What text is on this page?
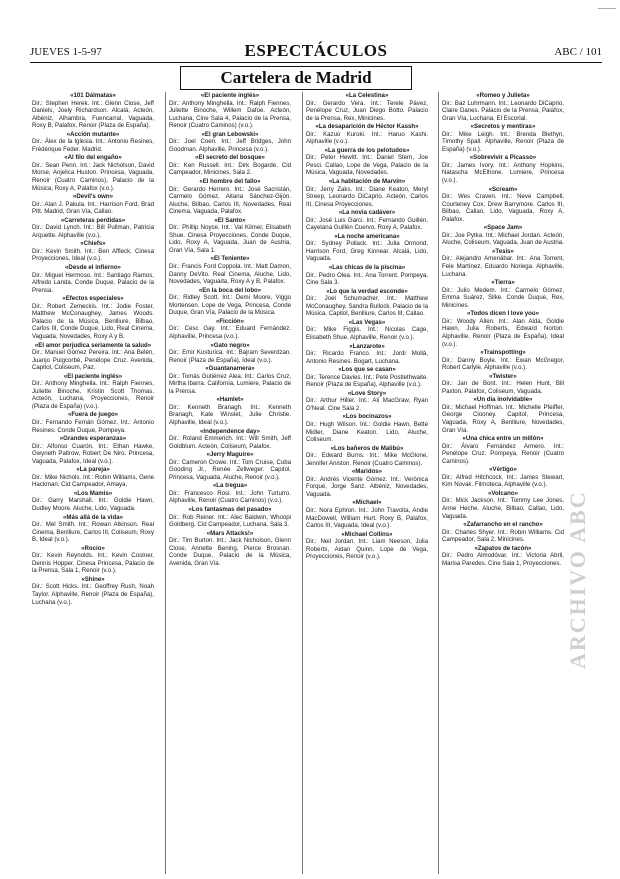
JUEVES 1-5-97	ESPECTÁCULOS	ABC / 101
Cartelera de Madrid
«101 Dálmatas»
Dir.: Stephen Herek. Int.: Glenn Close, Jeff Daniels, Joely Richardson. Alcalá, Acteón, Albéniz, Alhambra, Fuencarral, Vaguada, Roxy B, Palafox, Renoir (Plaza de España).
«Acción mutante»
Dir.: Álex de la Iglesia. Int.: Antonio Resines, Frédérique Feder. Madrid.
«Al filo del engaño»
Dir.: Sean Penn. Int.: Jack Nicholson, David Morse, Anjelica Huston. Princesa, Vaguada, Renoir (Cuatro Caminos), Palacio de la Música, Roxy A, Palafox (v.o.).
«Devil's own»
Dir.: Alan J. Pakula. Int.: Harrison Ford, Brad Pitt. Madrid, Gran Vía, Callao.
«Carreteras perdidas»
Dir.: David Lynch. Int.: Bill Pullman, Patricia Arquette. Alphaville (v.o.).
«Chiefs»
Dir.: Kevin Smith. Int.: Ben Affleck. Cinesa Proyecciones, Ideal (v.o.).
«Desde el infierno»
Dir.: Miguel Hermoso. Int.: Santiago Ramos, Alfredo Landa. Conde Duque, Palacio de la Prensa.
«Efectos especiales»
Dir.: Robert Zemeckis. Int.: Jodie Foster, Matthew McConaughey, James Woods. Palacio de la Música, Benlliure, Bilbao, Carlos III, Conde Duque, Lido, Real Cinema, Vaguada, Novedades, Roxy A y B.
«El amor perjudica seriamente la salud»
Dir.: Manuel Gómez Pereira. Int.: Ana Belén, Juanjo Puigcorbé, Penélope Cruz. Avenida, Capitol, Coliseum, Paz.
«El paciente inglés»
Dir.: Anthony Minghella. Int.: Ralph Fiennes, Juliette Binoche, Kristin Scott Thomas. Acteón, Luchana, Proyecciones, Renoir (Plaza de España) (v.o.).
«Fuera de juego»
Dir.: Fernando Fernán Gómez. Int.: Antonio Resines. Conde Duque, Pompeya.
«Grandes esperanzas»
Dir.: Alfonso Cuarón. Int.: Ethan Hawke, Gwyneth Paltrow, Robert De Niro. Princesa, Vaguada, Palafox, Ideal (v.o.).
«La pareja»
Dir.: Mike Nichols. Int.: Robin Williams, Gene Hackman. Cid Campeador, Amaya.
«Los Mamis»
Dir.: Garry Marshall. Int.: Goldie Hawn, Dudley Moore. Aluche, Lido, Vaguada.
«Más allá de la vida»
Dir.: Mel Smith. Int.: Rowan Atkinson. Real Cinema, Benlliure, Carlos III, Coliseum, Roxy B, Ideal (v.o.).
«Rocío»
Dir.: Kevin Reynolds. Int.: Kevin Costner, Dennis Hopper. Cinesa Princesa, Palacio de la Prensa, Sala 1, Renoir (v.o.).
«Shine»
Dir.: Scott Hicks. Int.: Geoffrey Rush, Noah Taylor. Alphaville, Renoir (Plaza de España), Luchana (v.o.).
«El paciente inglés»
Dir.: Anthony Minghella. Int.: Ralph Fiennes, Juliette Binoche, Willem Dafoe. Acteón, Luchana, Cine Sala 4, Palacio de la Prensa, Renoir (Cuatro Caminos) (v.o.).
«El gran Lebowski»
Dir.: Joel Coen. Int.: Jeff Bridges, John Goodman. Alphaville, Princesa (v.o.).
«El secreto del bosque»
Dir.: Ken Russell. Int.: Dirk Bogarde. Cid Campeador, Minicines, Sala 2.
«El hombre del fallo»
Dir.: Gerardo Herrero. Int.: José Sacristán, Carmelo Gómez, Aitana Sánchez-Gijón. Aluche, Bilbao, Carlos III, Novedades, Real Cinema, Vaguada, Palafox.
«El Santo»
Dir.: Phillip Noyce. Int.: Val Kilmer, Elisabeth Shue. Cinesa Proyecciones, Conde Duque, Lido, Roxy A, Vaguada, Juan de Austria, Gran Vía, Sala 1.
«El Teniente»
Dir.: Francis Ford Coppola. Int.: Matt Damon, Danny DeVito. Real Cinema, Aluche, Lido, Novedades, Vaguada, Roxy A y B, Palafox.
«En la boca del lobo»
Dir.: Ridley Scott. Int.: Demi Moore, Viggo Mortensen. Lope de Vega, Princesa, Conde Duque, Gran Vía, Palacio de la Música.
«Ficción»
Dir.: Cesc Gay. Int.: Eduard Fernández. Alphaville, Princesa (v.o.).
«Gato negro»
Dir.: Emir Kusturica. Int.: Bajram Severdzan. Renoir (Plaza de España), Ideal (v.o.).
«Guantanamera»
Dir.: Tomás Gutiérrez Alea. Int.: Carlos Cruz, Mirtha Ibarra. California, Lumiere, Palacio de la Prensa.
«Hamlet»
Dir.: Kenneth Branagh. Int.: Kenneth Branagh, Kate Winslet, Julie Christie. Alphaville, Ideal (v.o.).
«Independence day»
Dir.: Roland Emmerich. Int.: Will Smith, Jeff Goldblum. Acteón, Coliseum, Palafox.
«Jerry Maguire»
Dir.: Cameron Crowe. Int.: Tom Cruise, Cuba Gooding Jr., Renée Zellweger. Capitol, Princesa, Vaguada, Aluche, Renoir (v.o.).
«La tregua»
Dir.: Francesco Rosi. Int.: John Turturro. Alphaville, Renoir (Cuatro Caminos) (v.o.).
«Los fantasmas del pasado»
Dir.: Rob Reiner. Int.: Alec Baldwin, Whoopi Goldberg. Cid Campeador, Luchana, Sala 3.
«Mars Attacks!»
Dir.: Tim Burton. Int.: Jack Nicholson, Glenn Close, Annette Bening, Pierce Brosnan. Conde Duque, Palacio de la Música, Avenida, Gran Vía.
«La Celestina»
Dir.: Gerardo Vera. Int.: Terele Pávez, Penélope Cruz, Juan Diego Botto. Palacio de la Prensa, Rex, Minicines.
«La desaparición de Héctor Kassh»
Dir.: Kazuo Kuroki. Int.: Haruo Kashi. Alphaville (v.o.).
«La guerra de los pelotudos»
Dir.: Peter Hewitt. Int.: Daniel Stern, Joe Pesci. Callao, Lope de Vega, Palacio de la Música, Vaguada, Novedades.
«La habitación de Marvin»
Dir.: Jerry Zaks. Int.: Diane Keaton, Meryl Streep, Leonardo DiCaprio. Acteón, Carlos III, Cinesa Proyecciones.
«La novia cadáver»
Dir.: José Luis Garci. Int.: Fernando Guillén, Cayetana Guillén Cuervo. Roxy A, Palafox.
«La noche americana»
Dir.: Sydney Pollack. Int.: Julia Ormond, Harrison Ford, Greg Kinnear. Alcalá, Lido, Vaguada.
«Las chicas de la piscina»
Dir.: Pedro Olea. Int.: Ana Torrent. Pompeya, Cine Sala 3.
«Lo que la verdad esconde»
Dir.: Joel Schumacher. Int.: Matthew McConaughey, Sandra Bullock. Palacio de la Música, Capitol, Benlliure, Carlos III, Callao.
«Las Vegas»
Dir.: Mike Figgis. Int.: Nicolas Cage, Elisabeth Shue. Alphaville, Renoir (v.o.).
«Lanzarote»
Dir.: Ricardo Franco. Int.: Jordi Mollà, Antonio Resines. Bogart, Luchana.
«Los que se casan»
Dir.: Terence Davies. Int.: Pete Postlethwaite. Renoir (Plaza de España), Alphaville (v.o.).
«Love Story»
Dir.: Arthur Hiller. Int.: Ali MacGraw, Ryan O'Neal. Cine Sala 2.
«Los bocinazos»
Dir.: Hugh Wilson. Int.: Goldie Hawn, Bette Midler, Diane Keaton. Lido, Aluche, Coliseum.
«Los bañeros de Malibú»
Dir.: Edward Burns. Int.: Mike McGlone, Jennifer Aniston. Renoir (Cuatro Caminos).
«Maridos»
Dir.: Andrés Vicente Gómez. Int.: Verónica Forqué, Jorge Sanz. Albéniz, Novedades, Vaguada.
«Michael»
Dir.: Nora Ephron. Int.: John Travolta, Andie MacDowell, William Hurt. Roxy B, Palafox, Carlos III, Vaguada, Ideal (v.o.).
«Michael Collins»
Dir.: Neil Jordan. Int.: Liam Neeson, Julia Roberts, Aidan Quinn. Lope de Vega, Proyecciones, Renoir (v.o.).
«Romeo y Julieta»
Dir.: Baz Luhrmann. Int.: Leonardo DiCaprio, Claire Danes. Palacio de la Prensa, Palafox, Gran Vía, Luchana, El Escorial.
«Secretos y mentiras»
Dir.: Mike Leigh. Int.: Brenda Blethyn, Timothy Spall. Alphaville, Renoir (Plaza de España) (v.o.).
«Sobrevivir a Picasso»
Dir.: James Ivory. Int.: Anthony Hopkins, Natascha McElhone. Lumiere, Princesa (v.o.).
«Scream»
Dir.: Wes Craven. Int.: Neve Campbell, Courteney Cox, Drew Barrymore. Carlos III, Bilbao, Callao, Lido, Vaguada, Roxy A, Palafox.
«Space Jam»
Dir.: Joe Pytka. Int.: Michael Jordan. Acteón, Aluche, Coliseum, Vaguada, Juan de Austria.
«Tesis»
Dir.: Alejandro Amenábar. Int.: Ana Torrent, Fele Martínez, Eduardo Noriega. Alphaville, Luchana.
«Tierra»
Dir.: Julio Medem. Int.: Carmelo Gómez, Emma Suárez, Silke. Conde Duque, Rex, Minicines.
«Todos dicen I love you»
Dir.: Woody Allen. Int.: Alan Alda, Goldie Hawn, Julia Roberts, Edward Norton. Alphaville, Renoir (Plaza de España), Ideal (v.o.).
«Trainspotting»
Dir.: Danny Boyle. Int.: Ewan McGregor, Robert Carlyle. Alphaville (v.o.).
«Twister»
Dir.: Jan de Bont. Int.: Helen Hunt, Bill Paxton. Palafox, Coliseum, Vaguada.
«Un día inolvidable»
Dir.: Michael Hoffman. Int.: Michelle Pfeiffer, George Clooney. Capitol, Princesa, Vaguada, Roxy A, Benlliure, Novedades, Gran Vía.
«Una chica entre un millón»
Dir.: Álvaro Fernández Armero. Int.: Penélope Cruz. Pompeya, Renoir (Cuatro Caminos).
«Vértigo»
Dir.: Alfred Hitchcock. Int.: James Stewart, Kim Novak. Filmoteca, Alphaville (v.o.).
«Volcano»
Dir.: Mick Jackson. Int.: Tommy Lee Jones, Anne Heche. Aluche, Bilbao, Callao, Lido, Vaguada.
«Zafarrancho en el rancho»
Dir.: Charles Shyer. Int.: Robin Williams. Cid Campeador, Sala 2, Minicines.
«Zapatos de tacón»
Dir.: Pedro Almodóvar. Int.: Victoria Abril, Marisa Paredes. Cine Sala 1, Proyecciones. ARCHIVO ABC
